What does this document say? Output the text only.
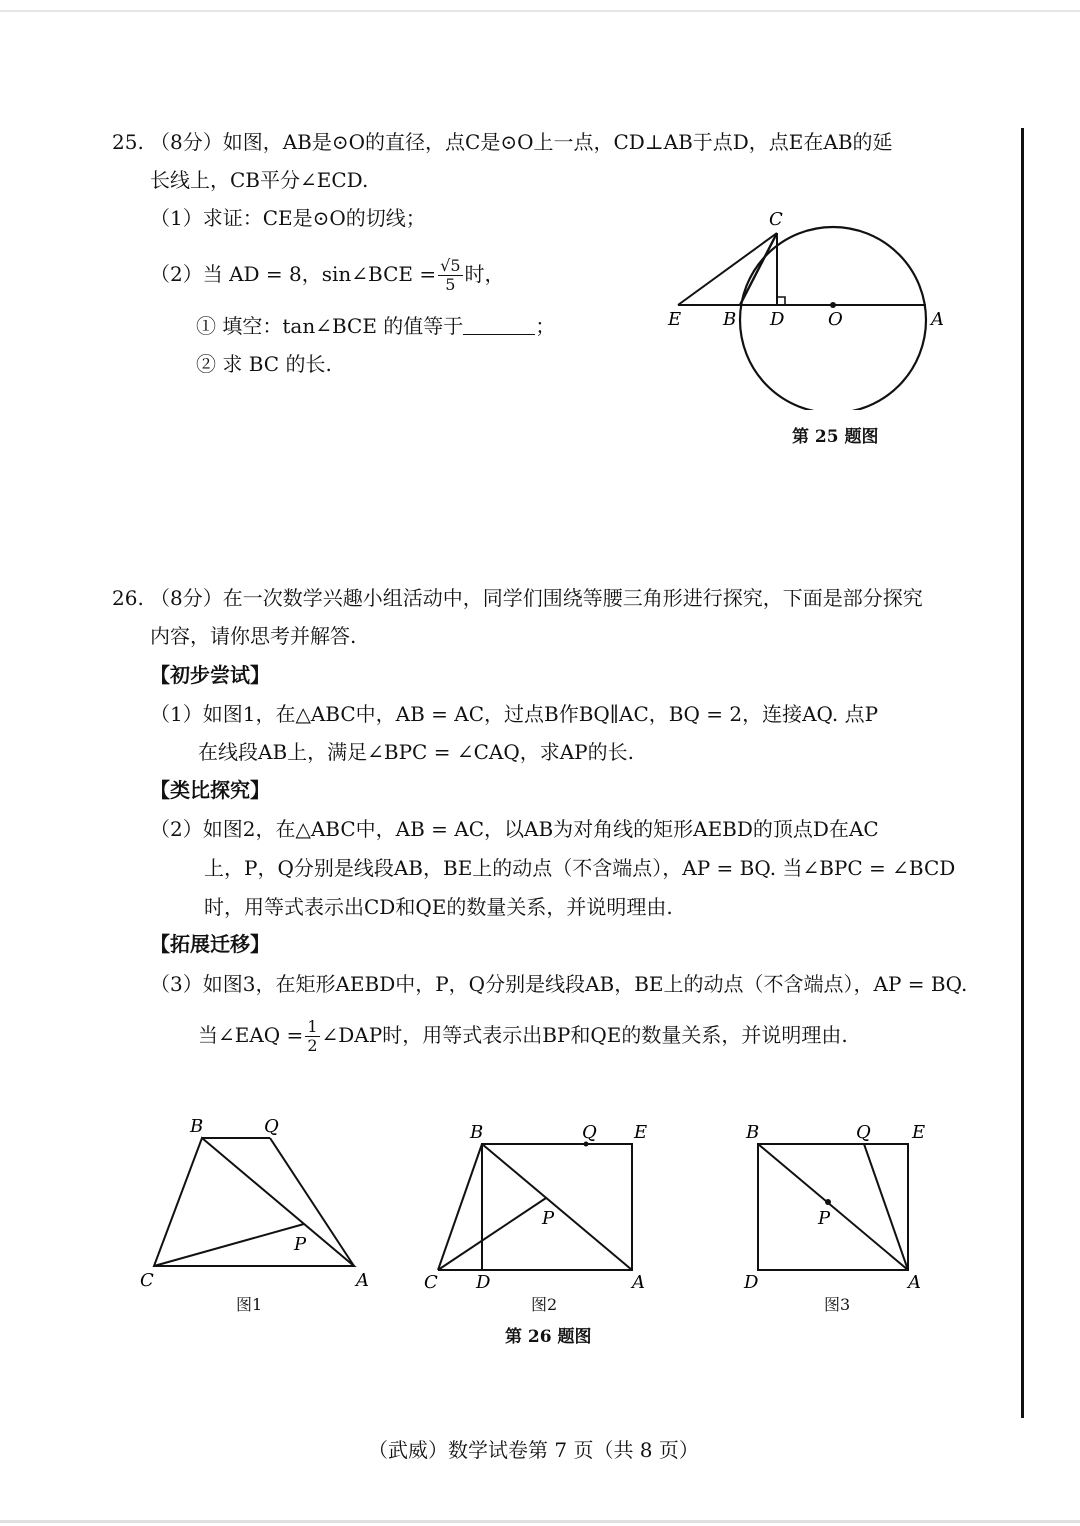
25. （8分）如图，AB是⊙O的直径，点C是⊙O上一点，CD⊥AB于点D，点E在AB的延
长线上，CB平分∠ECD.
（1）求证：CE是⊙O的切线；
（2）当 AD = 8，sin∠BCE = $\frac{√5}{5}$ 时，
① 填空：tan∠BCE 的值等于	；
② 求 BC 的长.
C
E B D O	A
第 25 题图
26. （8分）在一次数学兴趣小组活动中，同学们围绕等腰三角形进行探究，下面是部分探究
内容，请你思考并解答.
【初步尝试】
（1）如图1，在△ABC中，AB = AC，过点B作BQ∥AC，BQ = 2，连接AQ. 点P
在线段AB上，满足∠BPC = ∠CAQ，求AP的长.
【类比探究】
（2）如图2，在△ABC中，AB = AC，以AB为对角线的矩形AEBD的顶点D在AC
上，P，Q分别是线段AB，BE上的动点（不含端点），AP = BQ. 当∠BPC = ∠BCD
时，用等式表示出CD和QE的数量关系，并说明理由.
【拓展迁移】
（3）如图3，在矩形AEBD中，P，Q分别是线段AB，BE上的动点（不含端点），AP = BQ.
当∠EAQ = $\frac{1}{2}$ ∠DAP时，用等式表示出BP和QE的数量关系，并说明理由.
B	Q
P
C	A
图1
B	Q E
P
C D	A
图2
B	Q E
P
D	A
图3
第 26 题图
（武威）数学试卷第 7 页（共 8 页）
